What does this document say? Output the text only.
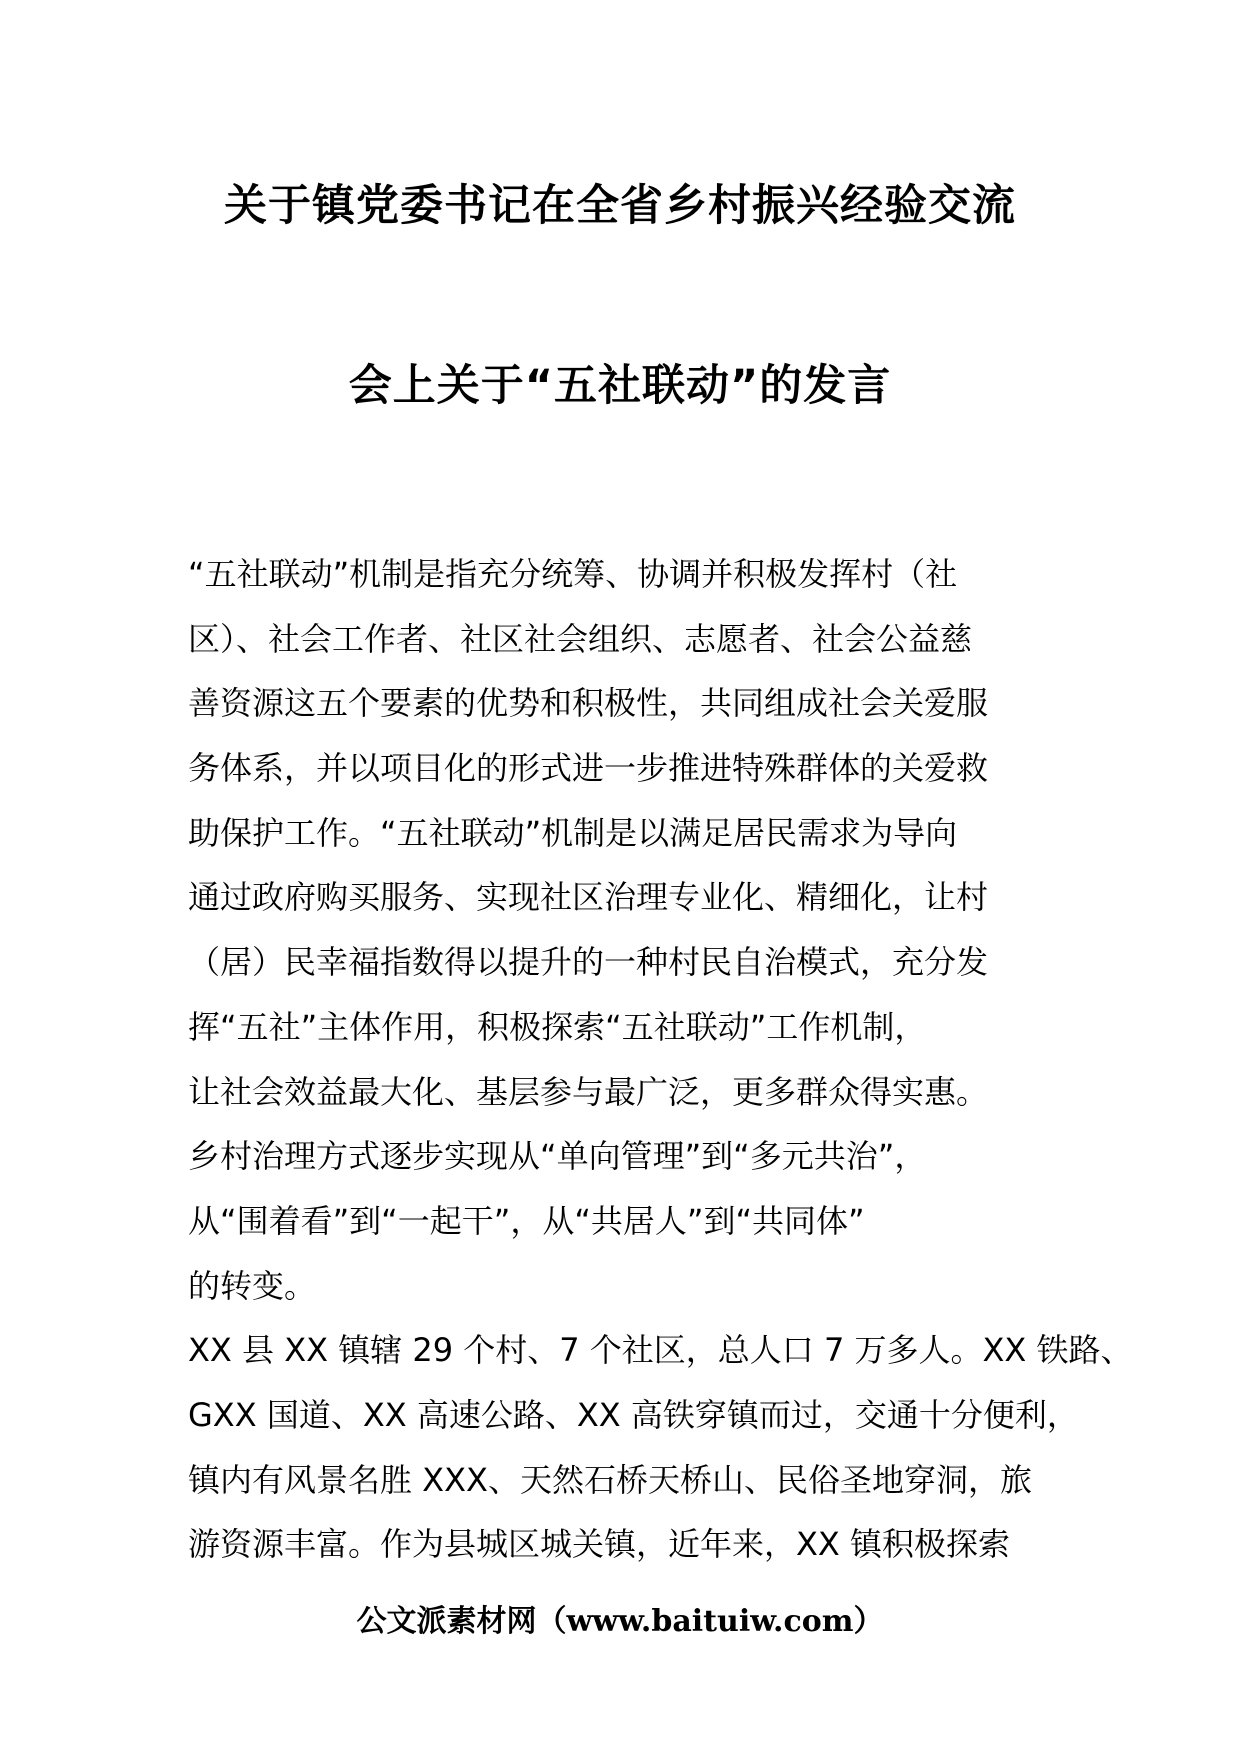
关于镇党委书记在全省乡村振兴经验交流
会上关于“五社联动”的发言
“五社联动”机制是指充分统筹、协调并积极发挥村（社
区）、社会工作者、社区社会组织、志愿者、社会公益慈
善资源这五个要素的优势和积极性，共同组成社会关爱服
务体系，并以项目化的形式进一步推进特殊群体的关爱救
助保护工作。“五社联动”机制是以满足居民需求为导向
通过政府购买服务、实现社区治理专业化、精细化，让村
（居）民幸福指数得以提升的一种村民自治模式，充分发
挥“五社”主体作用，积极探索“五社联动”工作机制，
让社会效益最大化、基层参与最广泛，更多群众得实惠。
乡村治理方式逐步实现从“单向管理”到“多元共治”，
从“围着看”到“一起干”，从“共居人”到“共同体”
的转变。
XX 县 XX 镇辖 29 个村、7 个社区，总人口 7 万多人。XX 铁路、
GXX 国道、XX 高速公路、XX 高铁穿镇而过，交通十分便利，
镇内有风景名胜 XXX、天然石桥天桥山、民俗圣地穿洞，旅
游资源丰富。作为县城区城关镇，近年来，XX 镇积极探索
公文派素材网（www.baituiw.com）
